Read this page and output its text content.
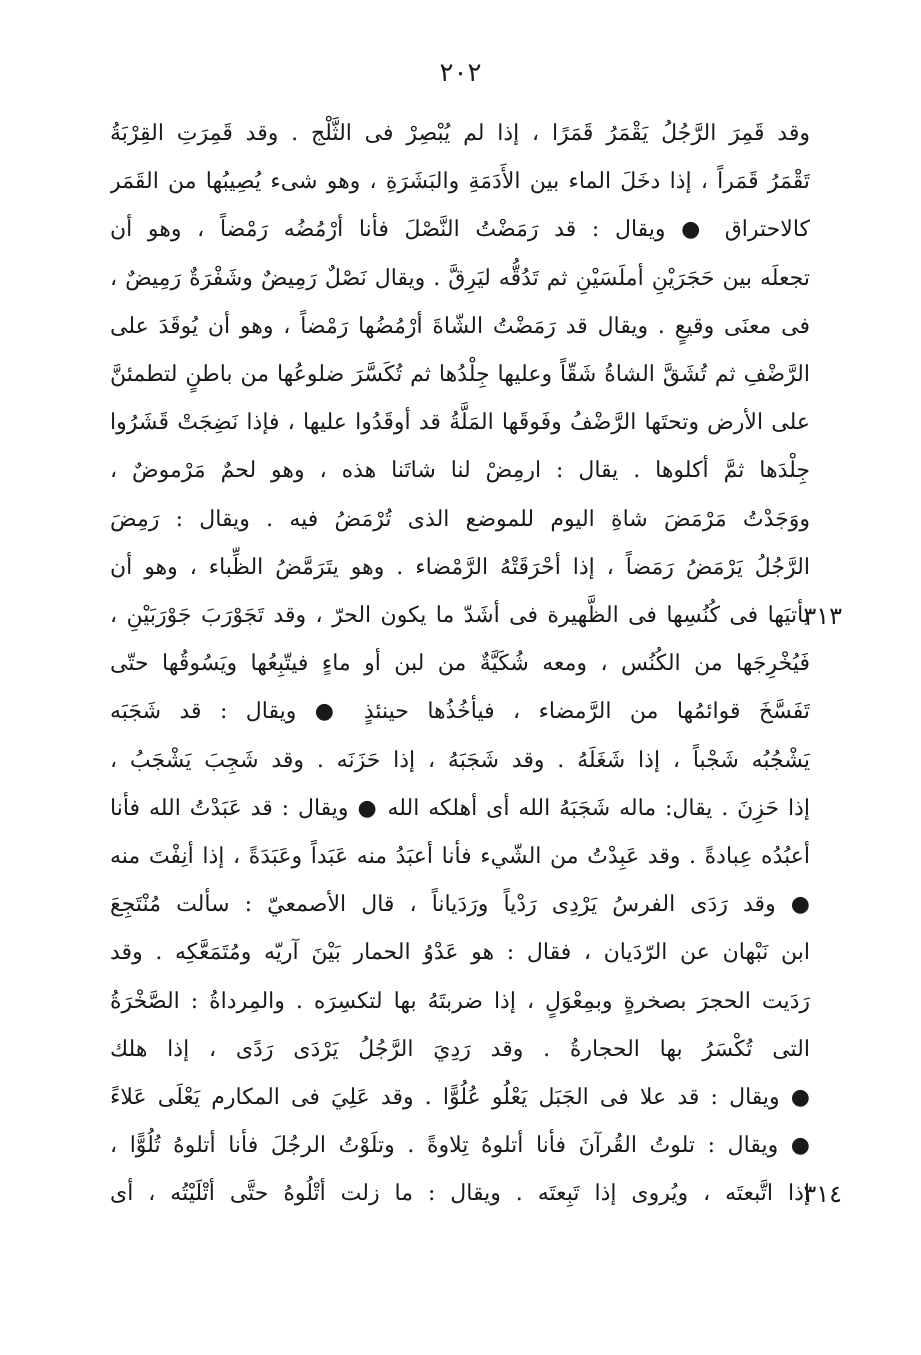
٢٠٢
وقد قَمِرَ الرَّجُلُ يَقْمَرُ قَمَرًا ، إذا لم يُبْصِرْ فى الثَّلْج . وقد قَمِرَتِ القِرْبَةُ
تَقْمَرُ قَمَراً ، إذا دخَلَ الماء بين الأَدَمَةِ والبَشَرَةِ ، وهو شىء يُصِيبُها من القَمَر
كالاحتراق ● ويقال : قد رَمَضْتُ النَّصْلَ فأنا أرْمُضُه رَمْضاً ، وهو أن
تجعلَه بين حَجَرَيْنِ أملَسَيْنِ ثم تَدُقُّه ليَرِقَّ . ويقال نَصْلٌ رَمِيضٌ وشَفْرَةٌ رَمِيضٌ ،
فى معنَى وقيعٍ . ويقال قد رَمَضْتُ الشّاةَ أرْمُضُها رَمْضاً ، وهو أن يُوقَدَ على
الرَّضْفِ ثم تُشَقَّ الشاةُ شَقّاً وعليها جِلْدُها ثم تُكَسَّرَ ضلوعُها من باطنٍ لتطمئنَّ
على الأرض وتحتَها الرَّضْفُ وفَوقَها المَلَّةُ قد أوقَدُوا عليها ، فإذا نَضِجَتْ قَشَرُوا
جِلْدَها ثمَّ أكلوها . يقال : ارمِضْ لنا شاتَنا هذه ، وهو لحمٌ مَرْموضٌ ،
ووَجَدْتُ مَرْمَضَ شاةِ اليوم للموضع الذى تُرْمَضُ فيه . ويقال : رَمِضَ
الرَّجُلُ يَرْمَضُ رَمَضاً ، إذا أحْرَقَتْهُ الرَّمْضاء . وهو يتَرَمَّضُ الظِّباء ، وهو أن
يأتيَها فى كُنُسِها فى الظَّهيرة فى أشَدّ ما يكون الحرّ ، وقد تَجَوْرَبَ جَوْرَبَيْنِ ،
فَيُخْرِجَها من الكُنُس ، ومعه شُكَيَّةٌ من لبن أو ماءٍ فيتّبِعُها ويَسُوقُها حتّى
تَفَسَّخَ قوائمُها من الرَّمضاء ، فيأخُذُها حينئذٍ ● ويقال : قد شَجَبَه
يَشْجُبُه شَجْباً ، إذا شَغَلَهُ . وقد شَجَبَهُ ، إذا حَزَنَه . وقد شَجِبَ يَشْجَبُ ،
إذا حَزِنَ . يقال: ماله شَجَبَهُ الله أى أهلكه الله ● ويقال : قد عَبَدْتُ الله فأنا
أعبُدُه عِبادةً . وقد عَبِدْتُ من الشّيء فأنا أعبَدُ منه عَبَداً وعَبَدَةً ، إذا أنِفْتَ منه
● وقد رَدَى الفرسُ يَرْدِى رَدْياً ورَدَياناً ، قال الأصمعيّ : سألت مُنْتَجِعَ
ابن نَبْهان عن الرّدَيان ، فقال : هو عَدْوُ الحمار بَيْنَ آريّه ومُتَمَعَّكِه . وقد
رَدَيت الحجرَ بصخرةٍ وبمِعْوَلٍ ، إذا ضربتَهُ بها لتكسِرَه . والمِرداةُ : الصَّخْرَةُ
التى تُكْسَرُ بها الحجارةُ . وقد رَدِيَ الرَّجُلُ يَرْدَى رَدًى ، إذا هلك
● ويقال : قد علا فى الجَبَل يَعْلُو عُلُوًّا . وقد عَلِيَ فى المكارم يَعْلَى عَلاءً
● ويقال : تلوتُ القُرآنَ فأنا أتلوهُ تِلاوةً . وتلَوْتُ الرجُلَ فأنا أتلوهُ تُلُوًّا ،
إذا اتَّبعتَه ، ويُروى إذا تَبِعتَه . ويقال : ما زلت أتْلُوهُ حتَّى أتْلَيْتُه ، أى
٣١٣
٣١٤
